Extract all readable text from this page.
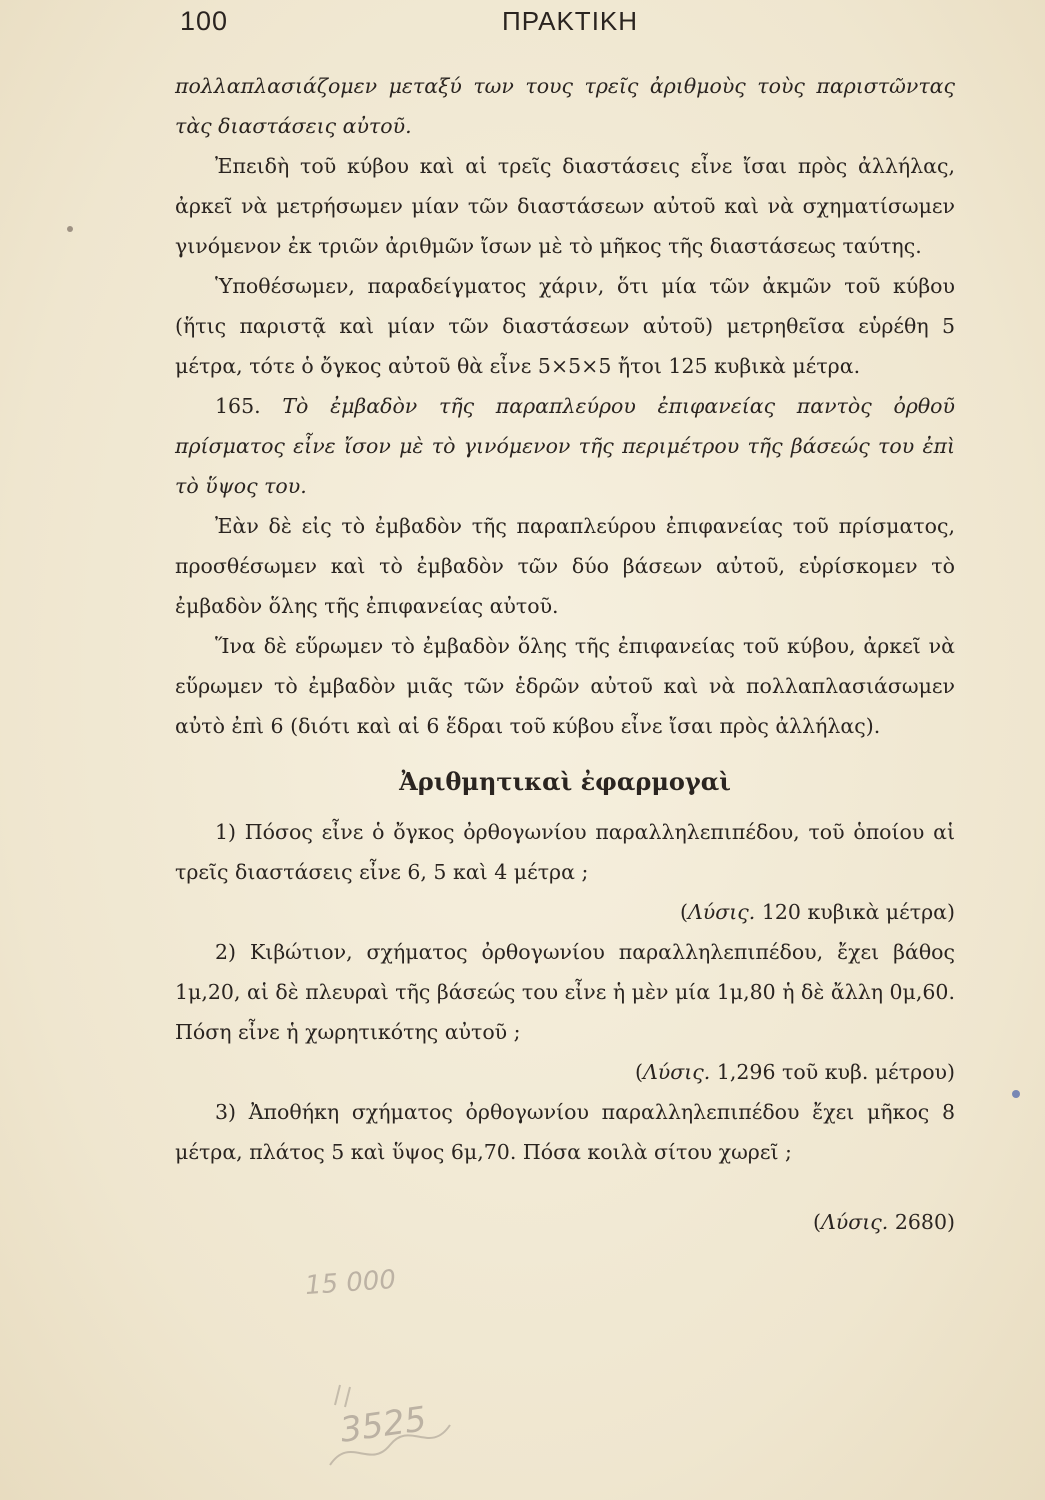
100	ΠΡΑΚΤΙΚΗ

πολλαπλασιάζομεν μεταξύ των τους τρεῖς ἀριθμοὺς τοὺς παριστῶντας τὰς διαστάσεις αὐτοῦ.

Ἐπειδὴ τοῦ κύβου καὶ αἱ τρεῖς διαστάσεις εἶνε ἴσαι πρὸς ἀλλήλας, ἀρκεῖ νὰ μετρήσωμεν μίαν τῶν διαστάσεων αὐτοῦ καὶ νὰ σχηματίσωμεν γινόμενον ἐκ τριῶν ἀριθμῶν ἴσων μὲ τὸ μῆκος τῆς διαστάσεως ταύτης.

Ὑποθέσωμεν, παραδείγματος χάριν, ὅτι μία τῶν ἀκμῶν τοῦ κύβου (ἥτις παριστᾷ καὶ μίαν τῶν διαστάσεων αὐτοῦ) μετρηθεῖσα εὑρέθη 5 μέτρα, τότε ὁ ὄγκος αὐτοῦ θὰ εἶνε 5×5×5 ἤτοι 125 κυβικὰ μέτρα.

165. Τὸ ἐμβαδὸν τῆς παραπλεύρου ἐπιφανείας παντὸς ὀρθοῦ πρίσματος εἶνε ἴσον μὲ τὸ γινόμενον τῆς περιμέτρου τῆς βάσεώς του ἐπὶ τὸ ὕψος του.

Ἐὰν δὲ εἰς τὸ ἐμβαδὸν τῆς παραπλεύρου ἐπιφανείας τοῦ πρίσματος, προσθέσωμεν καὶ τὸ ἐμβαδὸν τῶν δύο βάσεων αὐτοῦ, εὑρίσκομεν τὸ ἐμβαδὸν ὅλης τῆς ἐπιφανείας αὐτοῦ.

Ἵνα δὲ εὕρωμεν τὸ ἐμβαδὸν ὅλης τῆς ἐπιφανείας τοῦ κύβου, ἀρκεῖ νὰ εὕρωμεν τὸ ἐμβαδὸν μιᾶς τῶν ἑδρῶν αὐτοῦ καὶ νὰ πολλαπλασιάσωμεν αὐτὸ ἐπὶ 6 (διότι καὶ αἱ 6 ἕδραι τοῦ κύβου εἶνε ἴσαι πρὸς ἀλλήλας).

Ἀριθμητικαὶ ἐφαρμογαὶ

1) Πόσος εἶνε ὁ ὄγκος ὀρθογωνίου παραλληλεπιπέδου, τοῦ ὁποίου αἱ τρεῖς διαστάσεις εἶνε 6, 5 καὶ 4 μέτρα ;

(Λύσις. 120 κυβικὰ μέτρα)

2) Κιβώτιον, σχήματος ὀρθογωνίου παραλληλεπιπέδου, ἔχει βάθος 1μ,20, αἱ δὲ πλευραὶ τῆς βάσεώς του εἶνε ἡ μὲν μία 1μ,80 ἡ δὲ ἄλλη 0μ,60. Πόση εἶνε ἡ χωρητικότης αὐτοῦ ;

(Λύσις. 1,296 τοῦ κυβ. μέτρου)

3) Ἀποθήκη σχήματος ὀρθογωνίου παραλληλεπιπέδου ἔχει μῆκος 8 μέτρα, πλάτος 5 καὶ ὕψος 6μ,70. Πόσα κοιλὰ σίτου χωρεῖ ;

(Λύσις. 2680)
15 000
3525
